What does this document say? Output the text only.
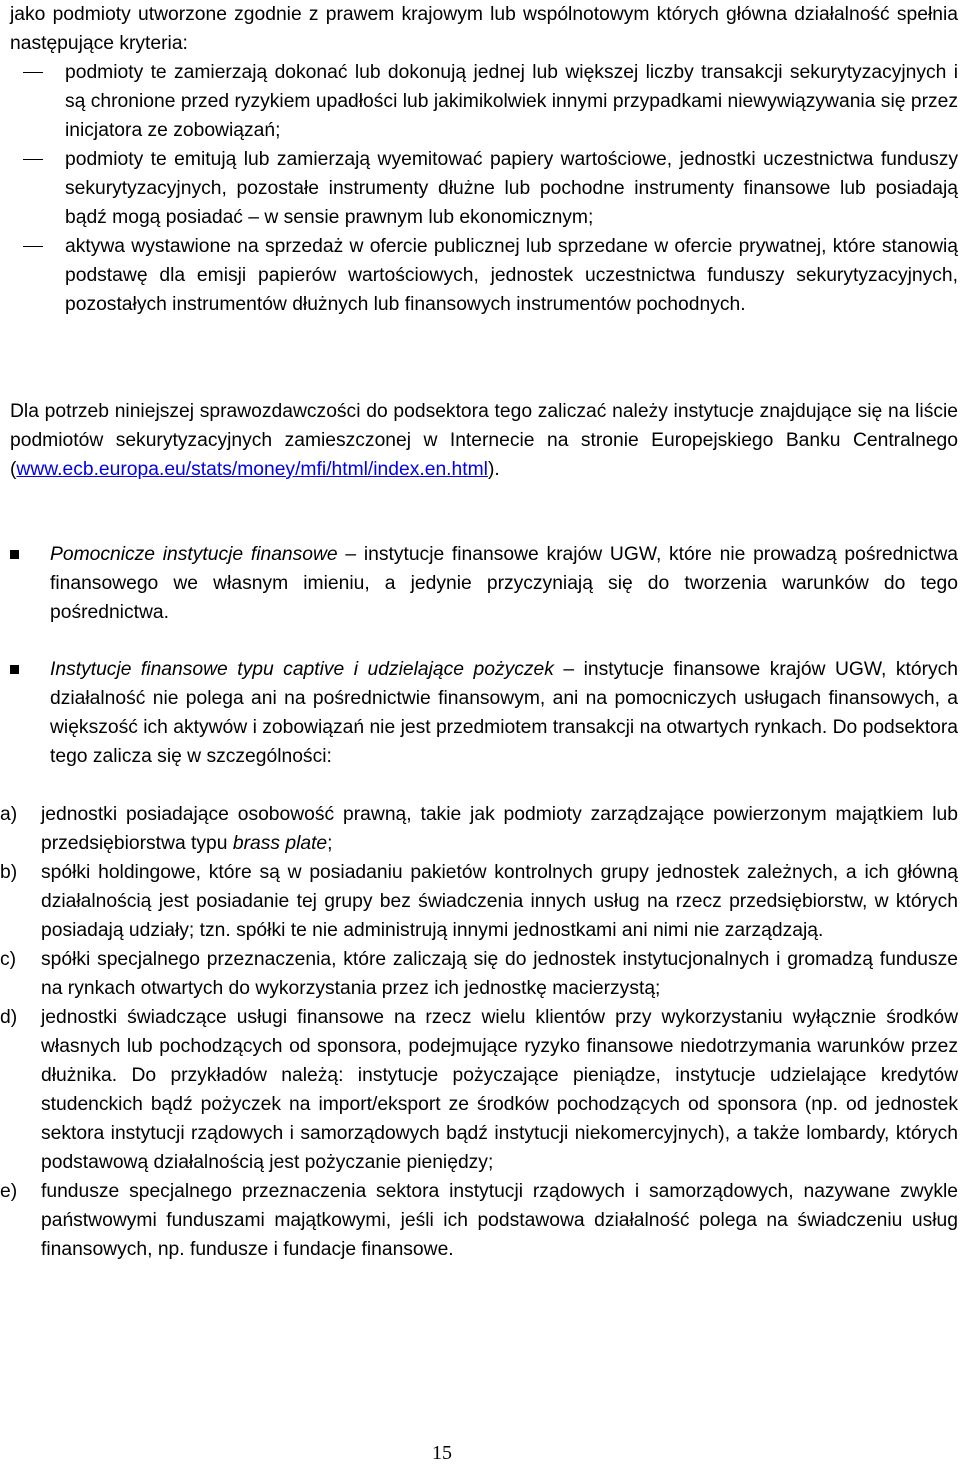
jako podmioty utworzone zgodnie z prawem krajowym lub wspólnotowym których główna działalność spełnia następujące kryteria:

podmioty te zamierzają dokonać lub dokonują jednej lub większej liczby transakcji sekurytyzacyjnych i są chronione przed ryzykiem upadłości lub jakimikolwiek innymi przypadkami niewywiązywania się przez inicjatora ze zobowiązań;

podmioty te emitują lub zamierzają wyemitować papiery wartościowe, jednostki uczestnictwa funduszy sekurytyzacyjnych, pozostałe instrumenty dłużne lub pochodne instrumenty finansowe lub posiadają bądź mogą posiadać – w sensie prawnym lub ekonomicznym;

aktywa wystawione na sprzedaż w ofercie publicznej lub sprzedane w ofercie prywatnej, które stanowią podstawę dla emisji papierów wartościowych, jednostek uczestnictwa funduszy sekurytyzacyjnych, pozostałych instrumentów dłużnych lub finansowych instrumentów pochodnych.

Dla potrzeb niniejszej sprawozdawczości do podsektora tego zaliczać należy instytucje znajdujące się na liście podmiotów sekurytyzacyjnych zamieszczonej w Internecie na stronie Europejskiego Banku Centralnego

(www.ecb.europa.eu/stats/money/mfi/html/index.en.html).

Pomocnicze instytucje finansowe – instytucje finansowe krajów UGW, które nie prowadzą pośrednictwa finansowego we własnym imieniu, a jedynie przyczyniają się do tworzenia warunków do tego pośrednictwa.

Instytucje finansowe typu captive i udzielające pożyczek – instytucje finansowe krajów UGW, których działalność nie polega ani na pośrednictwie finansowym, ani na pomocniczych usługach finansowych, a większość ich aktywów i zobowiązań nie jest przedmiotem transakcji na otwartych rynkach. Do podsektora tego zalicza się w szczególności:

a) jednostki posiadające osobowość prawną, takie jak podmioty zarządzające powierzonym majątkiem lub przedsiębiorstwa typu brass plate;

b) spółki holdingowe, które są w posiadaniu pakietów kontrolnych grupy jednostek zależnych, a ich główną działalnością jest posiadanie tej grupy bez świadczenia innych usług na rzecz przedsiębiorstw, w których posiadają udziały; tzn. spółki te nie administrują innymi jednostkami ani nimi nie zarządzają.

c) spółki specjalnego przeznaczenia, które zaliczają się do jednostek instytucjonalnych i gromadzą fundusze na rynkach otwartych do wykorzystania przez ich jednostkę macierzystą;

d) jednostki świadczące usługi finansowe na rzecz wielu klientów przy wykorzystaniu wyłącznie środków własnych lub pochodzących od sponsora, podejmujące ryzyko finansowe niedotrzymania warunków przez dłużnika. Do przykładów należą: instytucje pożyczające pieniądze, instytucje udzielające kredytów studenckich bądź pożyczek na import/eksport ze środków pochodzących od sponsora (np. od jednostek sektora instytucji rządowych i samorządowych bądź instytucji niekomercyjnych), a także lombardy, których podstawową działalnością jest pożyczanie pieniędzy;

e) fundusze specjalnego przeznaczenia sektora instytucji rządowych i samorządowych, nazywane zwykle państwowymi funduszami majątkowymi, jeśli ich podstawowa działalność polega na świadczeniu usług finansowych, np. fundusze i fundacje finansowe.

15
